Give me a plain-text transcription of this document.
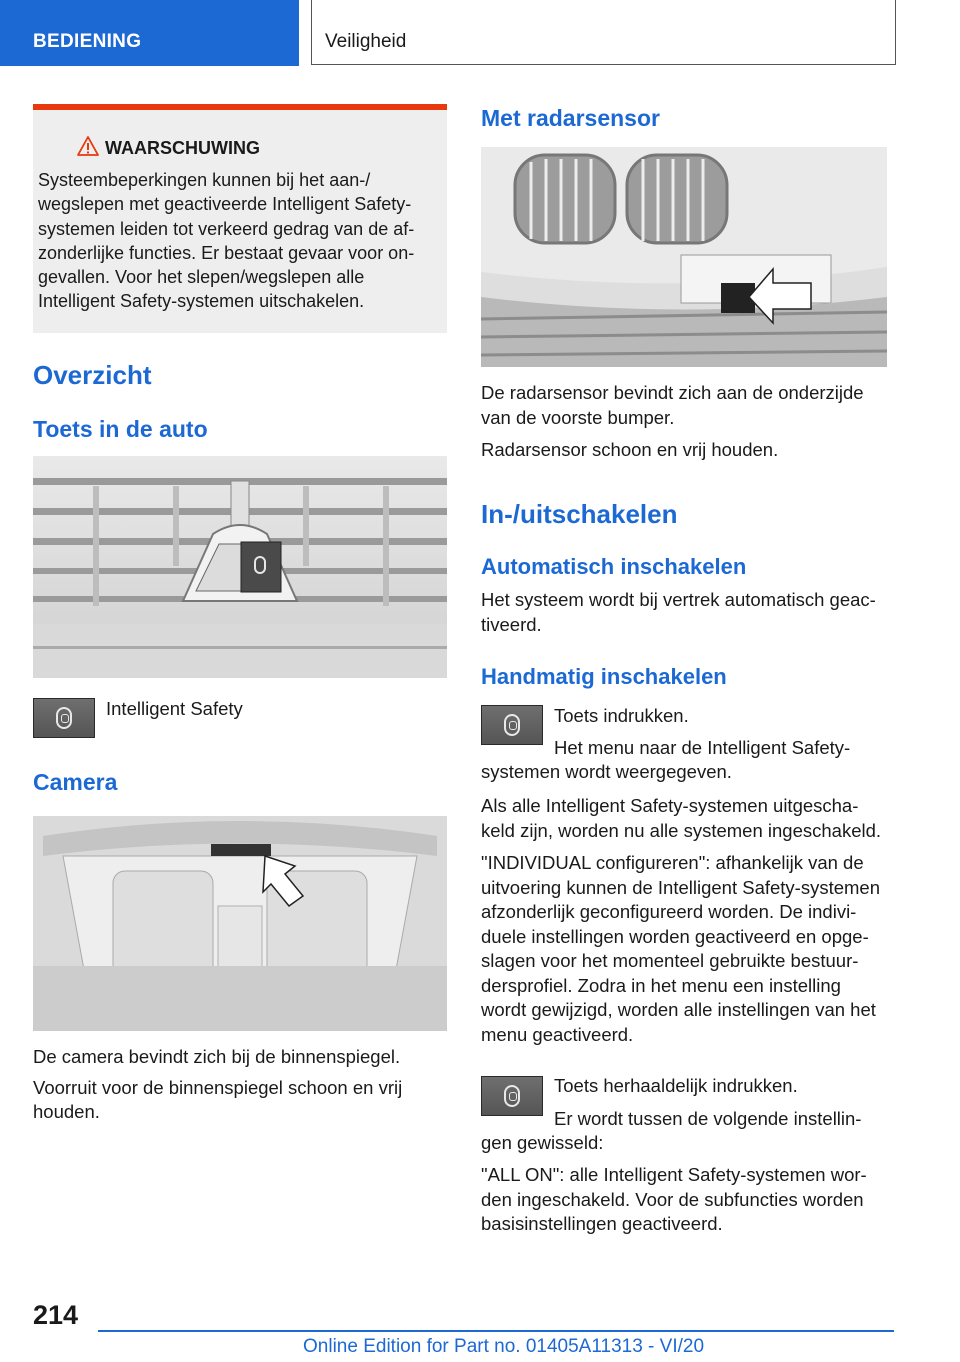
BEDIENING	Veiligheid
WAARSCHUWING
Systeembeperkingen kunnen bij het aan-/
wegslepen met geactiveerde Intelligent Safety-
systemen leiden tot verkeerd gedrag van de af-
zonderlijke functies. Er bestaat gevaar voor on-
gevallen. Voor het slepen/wegslepen alle
Intelligent Safety-systemen uitschakelen.
Overzicht
Toets in de auto
Intelligent Safety
Camera
De camera bevindt zich bij de binnenspiegel.
Voorruit voor de binnenspiegel schoon en vrij
houden.
Met radarsensor
De radarsensor bevindt zich aan de onderzijde
van de voorste bumper.
Radarsensor schoon en vrij houden.
In-/uitschakelen
Automatisch inschakelen
Het systeem wordt bij vertrek automatisch geac-
tiveerd.
Handmatig inschakelen
Toets indrukken.
Het menu naar de Intelligent Safety-
systemen wordt weergegeven.
Als alle Intelligent Safety-systemen uitgescha-
keld zijn, worden nu alle systemen ingeschakeld.
"INDIVIDUAL configureren": afhankelijk van de
uitvoering kunnen de Intelligent Safety-systemen
afzonderlijk geconfigureerd worden. De indivi-
duele instellingen worden geactiveerd en opge-
slagen voor het momenteel gebruikte bestuur-
dersprofiel. Zodra in het menu een instelling
wordt gewijzigd, worden alle instellingen van het
menu geactiveerd.
Toets herhaaldelijk indrukken.
Er wordt tussen de volgende instellin-
gen gewisseld:
"ALL ON": alle Intelligent Safety-systemen wor-
den ingeschakeld. Voor de subfuncties worden
basisinstellingen geactiveerd.
214
Online Edition for Part no. 01405A11313 - VI/20
